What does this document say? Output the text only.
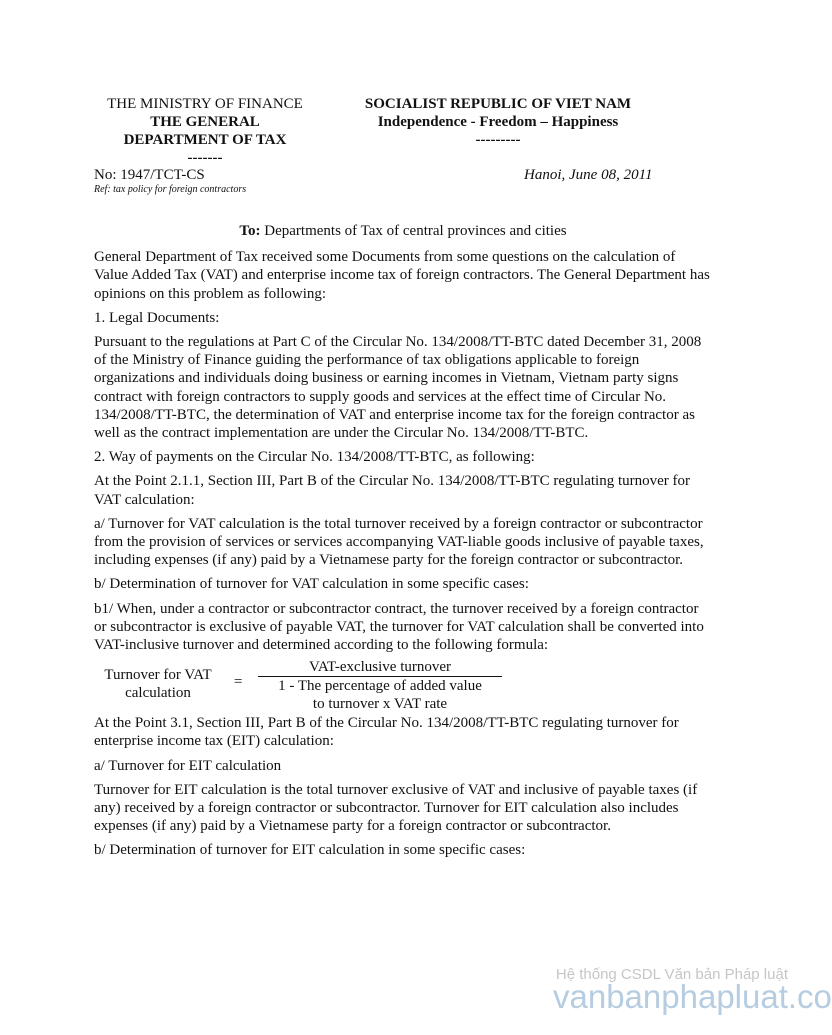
THE MINISTRY OF FINANCE
THE GENERAL
DEPARTMENT OF TAX
-------
SOCIALIST REPUBLIC OF VIET NAM
Independence - Freedom – Happiness
---------
No: 1947/TCT-CS
Ref: tax policy for foreign contractors
Hanoi, June 08, 2011

To: Departments of Tax of central provinces and cities

General Department of Tax received some Documents from some questions on the calculation of Value Added Tax (VAT) and enterprise income tax of foreign contractors. The General Department has opinions on this problem as following:

1. Legal Documents:

Pursuant to the regulations at Part C of the Circular No. 134/2008/TT-BTC dated December 31, 2008 of the Ministry of Finance guiding the performance of tax obligations applicable to foreign organizations and individuals doing business or earning incomes in Vietnam, Vietnam party signs contract with foreign contractors to supply goods and services at the effect time of Circular No. 134/2008/TT-BTC, the determination of VAT and enterprise income tax for the foreign contractor as well as the contract implementation are under the Circular No. 134/2008/TT-BTC.

2. Way of payments on the Circular No. 134/2008/TT-BTC, as following:

At the Point 2.1.1, Section III, Part B of the Circular No. 134/2008/TT-BTC regulating turnover for VAT calculation:

a/ Turnover for VAT calculation is the total turnover received by a foreign contractor or subcontractor from the provision of services or services accompanying VAT-liable goods inclusive of payable taxes, including expenses (if any) paid by a Vietnamese party for the foreign contractor or subcontractor.

b/ Determination of turnover for VAT calculation in some specific cases:

b1/ When, under a contractor or subcontractor contract, the turnover received by a foreign contractor or subcontractor is exclusive of payable VAT, the turnover for VAT calculation shall be converted into VAT-inclusive turnover and determined according to the following formula:

Turnover for VAT
calculation
=
VAT-exclusive turnover
1 - The percentage of added value
to turnover x VAT rate

At the Point 3.1, Section III, Part B of the Circular No. 134/2008/TT-BTC regulating turnover for enterprise income tax (EIT) calculation:

a/ Turnover for EIT calculation

Turnover for EIT calculation is the total turnover exclusive of VAT and inclusive of payable taxes (if any) received by a foreign contractor or subcontractor. Turnover for EIT calculation also includes expenses (if any) paid by a Vietnamese party for a foreign contractor or subcontractor.

b/ Determination of turnover for EIT calculation in some specific cases:

Hệ thống CSDL Văn bản Pháp luật
vanbanphapluat.co
